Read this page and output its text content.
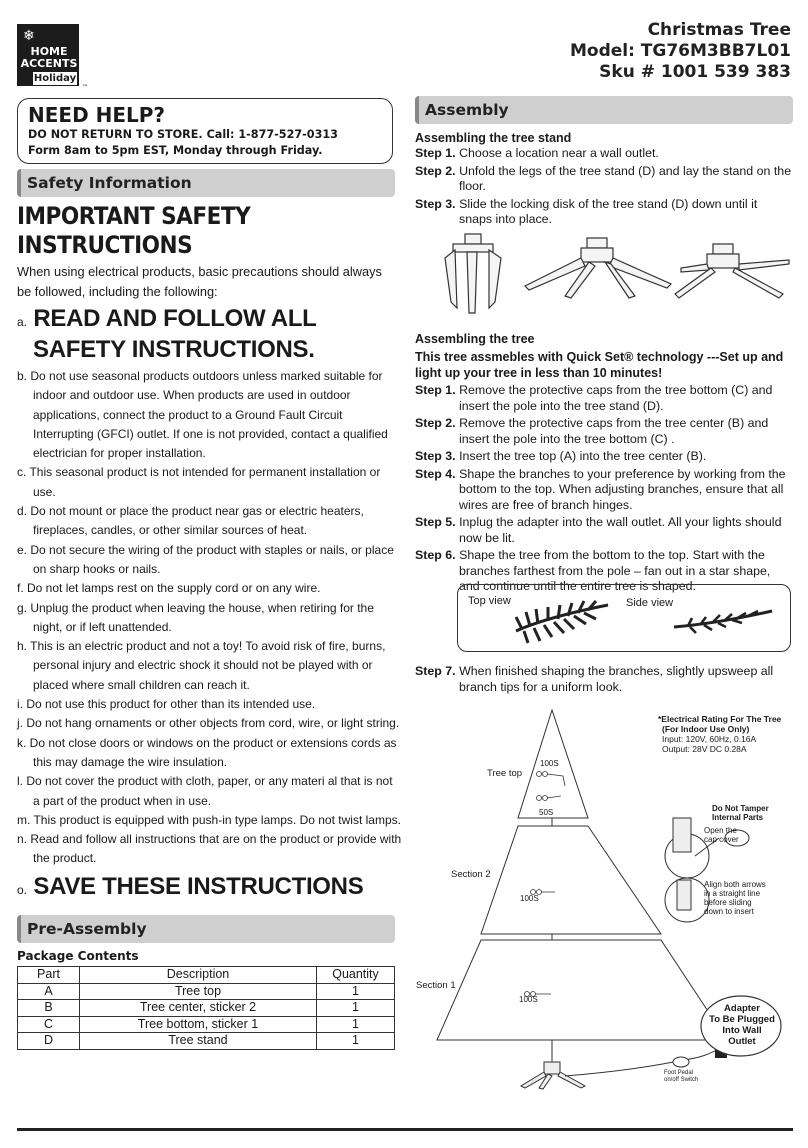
❄
HOME
ACCENTS
Holiday
™
Christmas Tree
Model: TG76M3BB7L01
Sku # 1001 539 383
NEED HELP?
DO NOT RETURN TO STORE. Call: 1-877-527-0313
Form 8am to 5pm EST, Monday through Friday.
Safety Information
IMPORTANT SAFETY
INSTRUCTIONS
When using electrical products, basic precautions should always
be followed, including the following:
a. READ AND FOLLOW ALL SAFETY INSTRUCTIONS.
b. Do not use seasonal products outdoors unless marked suitable for indoor and outdoor use. When products are used in outdoor applications, connect the product to a Ground Fault Circuit Interrupting (GFCI) outlet. If one is not provided, contact a qualified electrician for proper installation.
c. This seasonal product is not intended for permanent installation or use.
d. Do not mount or place the product near gas or electric heaters, fireplaces, candles, or other similar sources of heat.
e. Do not secure the wiring of the product with staples or nails, or place on sharp hooks or nails.
f. Do not let lamps rest on the supply cord or on any wire.
g. Unplug the product when leaving the house, when retiring for the night, or if left unattended.
h. This is an electric product and not a toy! To avoid risk of fire, burns, personal injury and electric shock it should not be played with or placed where small children can reach it.
i. Do not use this product for other than its intended use.
j. Do not hang ornaments or other objects from cord, wire, or light string.
k. Do not close doors or windows on the product or extensions cords as this may damage the wire insulation.
l. Do not cover the product with cloth, paper, or any materi al that is not a part of the product when in use.
m. This product is equipped with push-in type lamps. Do not twist lamps.
n. Read and follow all instructions that are on the product or provide with the product.
o. SAVE THESE INSTRUCTIONS
Pre-Assembly
Package Contents
Part	Description	Quantity
A	Tree top	1
B	Tree center, sticker 2	1
C	Tree bottom, sticker 1	1
D	Tree stand	1
Assembly
Assembling the tree stand
Step 1. Choose a location near a wall outlet.
Step 2. Unfold the legs of the tree stand (D) and lay the stand on the floor.
Step 3. Slide the locking disk of the tree stand (D) down until it snaps into place.
Assembling the tree
This tree assmebles with Quick Set® technology ---Set up and light up your tree in less than 10 minutes!
Step 1. Remove the protective caps from the tree bottom (C) and insert the pole into the tree stand (D).
Step 2. Remove the protective caps from the tree center (B) and insert the pole into the tree bottom (C) .
Step 3. Insert the tree top (A) into the tree center (B).
Step 4. Shape the branches to your preference by working from the bottom to the top. When adjusting branches, ensure that all wires are free of branch hinges.
Step 5. Inplug the adapter into the wall outlet. All your lights should now be lit.
Step 6. Shape the tree from the bottom to the top. Start with the branches farthest from the pole – fan out in a star shape, and continue until the entire tree is shaped.
Top view	Side view
Step 7. When finished shaping the branches, slightly upsweep all branch tips for a uniform look.
*Electrical Rating For The Tree
(For Indoor Use Only)
Input: 120V, 60Hz, 0.16A
Output: 28V DC 0.28A
Tree top
Section 2
Section 1
100S
50S
100S
100S
Do Not Tamper
Internal Parts
Open the
cap cover
Align both arrows
in a straight line
before sliding
down to insert
Adapter
To Be Plugged
Into Wall
Outlet
Foot Pedal
on/off Switch
